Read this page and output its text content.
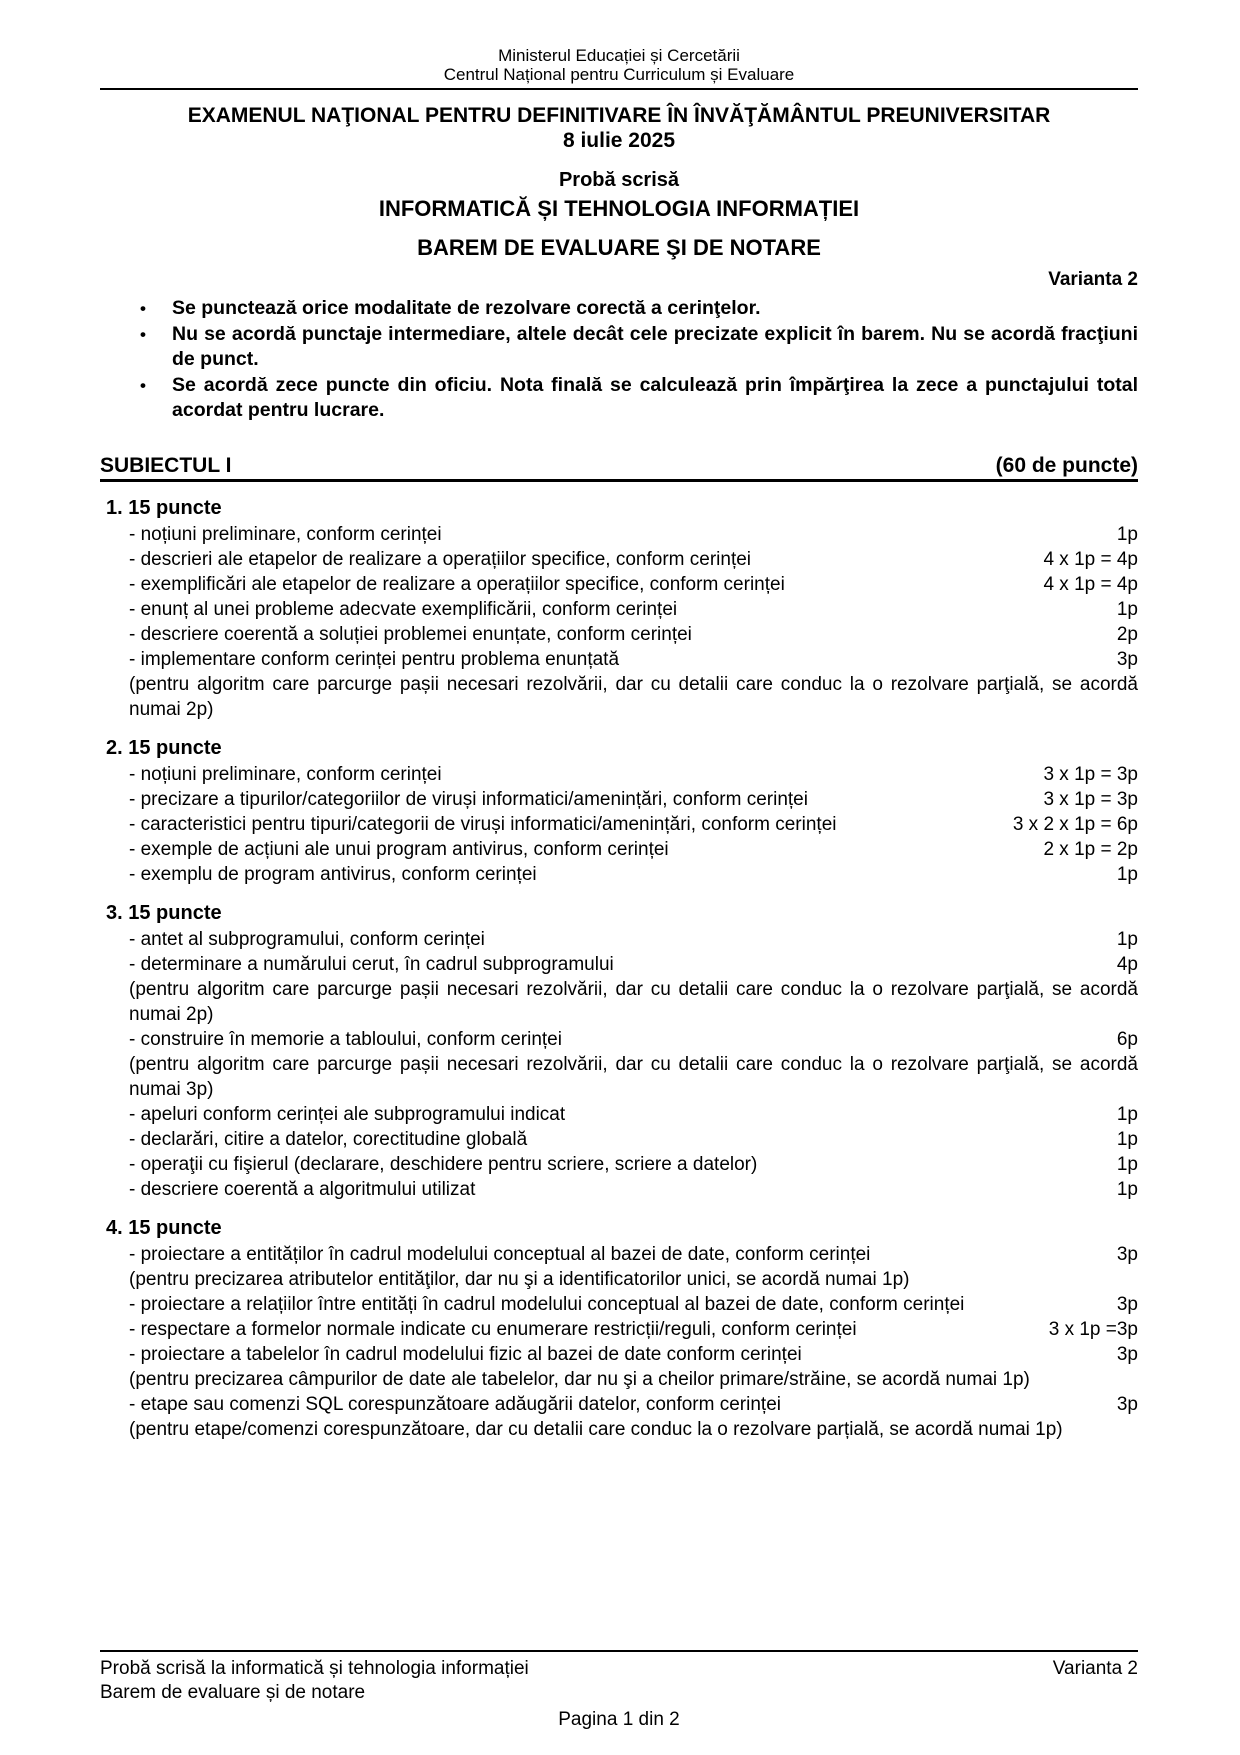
Ministerul Educației și Cercetării
Centrul Național pentru Curriculum și Evaluare
EXAMENUL NAŢIONAL PENTRU DEFINITIVARE ÎN ÎNVĂŢĂMÂNTUL PREUNIVERSITAR
8 iulie 2025
Probă scrisă
INFORMATICĂ ȘI TEHNOLOGIA INFORMAȚIEI
BAREM DE EVALUARE ŞI DE NOTARE
Varianta 2
•	Se punctează orice modalitate de rezolvare corectă a cerinţelor.
•	Nu se acordă punctaje intermediare, altele decât cele precizate explicit în barem. Nu se acordă fracţiuni de punct.
•	Se acordă zece puncte din oficiu. Nota finală se calculează prin împărţirea la zece a punctajului total acordat pentru lucrare.
SUBIECTUL I	(60 de puncte)
1. 15 puncte
- noțiuni preliminare, conform cerinței	1p
- descrieri ale etapelor de realizare a operațiilor specifice, conform cerinței	4 x 1p = 4p
- exemplificări ale etapelor de realizare a operațiilor specifice, conform cerinței	4 x 1p = 4p
- enunț al unei probleme adecvate exemplificării, conform cerinței	1p
- descriere coerentă a soluției problemei enunțate, conform cerinței	2p
- implementare conform cerinței pentru problema enunțată	3p
(pentru algoritm care parcurge pașii necesari rezolvării, dar cu detalii care conduc la o rezolvare parţială, se acordă numai 2p)
2. 15 puncte
- noțiuni preliminare, conform cerinței	3 x 1p = 3p
- precizare a tipurilor/categoriilor de viruși informatici/amenințări, conform cerinței	3 x 1p = 3p
- caracteristici pentru tipuri/categorii de viruși informatici/amenințări, conform cerinței	3 x 2 x 1p = 6p
- exemple de acțiuni ale unui program antivirus, conform cerinței	2 x 1p = 2p
- exemplu de program antivirus, conform cerinței	1p
3. 15 puncte
- antet al subprogramului, conform cerinței	1p
- determinare a numărului cerut, în cadrul subprogramului	4p
(pentru algoritm care parcurge pașii necesari rezolvării, dar cu detalii care conduc la o rezolvare parţială, se acordă numai 2p)
- construire în memorie a tabloului, conform cerinței	6p
(pentru algoritm care parcurge pașii necesari rezolvării, dar cu detalii care conduc la o rezolvare parţială, se acordă numai 3p)
- apeluri conform cerinței ale subprogramului indicat	1p
- declarări, citire a datelor, corectitudine globală	1p
- operaţii cu fişierul (declarare, deschidere pentru scriere, scriere a datelor)	1p
- descriere coerentă a algoritmului utilizat	1p
4. 15 puncte
- proiectare a entităților în cadrul modelului conceptual al bazei de date, conform cerinței	3p
(pentru precizarea atributelor entităţilor, dar nu şi a identificatorilor unici, se acordă numai 1p)
- proiectare a relațiilor între entități în cadrul modelului conceptual al bazei de date, conform cerinței	3p
- respectare a formelor normale indicate cu enumerare restricții/reguli, conform cerinței	3 x 1p =3p
- proiectare a tabelelor în cadrul modelului fizic al bazei de date conform cerinței	3p
(pentru precizarea câmpurilor de date ale tabelelor, dar nu şi a cheilor primare/străine, se acordă numai 1p)
- etape sau comenzi SQL corespunzătoare adăugării datelor, conform cerinței	3p
(pentru etape/comenzi corespunzătoare, dar cu detalii care conduc la o rezolvare parțială, se acordă numai 1p)
Probă scrisă la informatică și tehnologia informației	Varianta 2
Barem de evaluare și de notare
Pagina 1 din 2
